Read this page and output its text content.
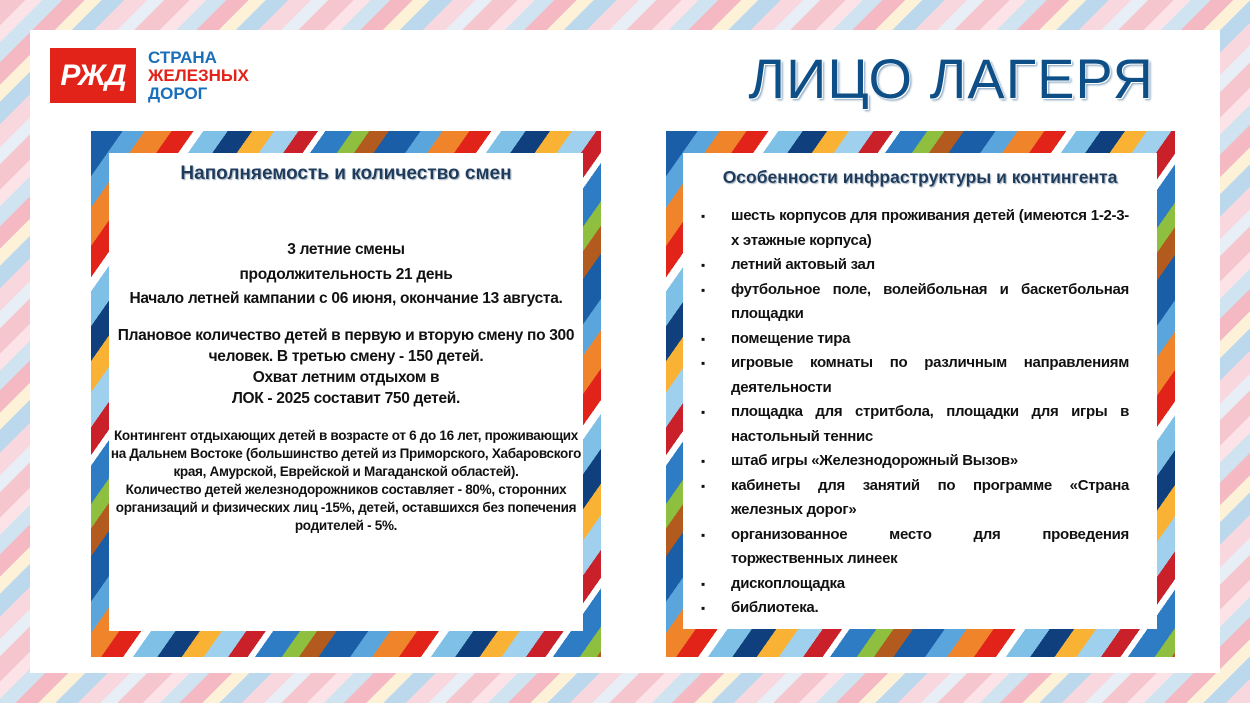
РЖД
СТРАНА
ЖЕЛЕЗНЫХ
ДОРОГ	ЛИЦО ЛАГЕРЯ
Наполняемость и количество смен
3 летние смены
продолжительность 21 день
Начало летней кампании с 06 июня, окончание 13 августа.
Плановое количество детей в первую и вторую смену по 300 человек. В третью смену - 150 детей.
Охват летним отдыхом в
ЛОК - 2025 составит 750 детей.
Контингент отдыхающих детей в возрасте от 6 до 16 лет, проживающих на Дальнем Востоке (большинство детей из Приморского, Хабаровского края, Амурской, Еврейской и Магаданской областей).
Количество детей железнодорожников составляет - 80%, сторонних организаций и физических лиц -15%, детей, оставшихся без попечения родителей - 5%.
Особенности инфраструктуры и контингента
▪ шесть корпусов для проживания детей (имеются 1-2-3-х этажные корпуса)
▪ летний актовый зал
▪ футбольное поле, волейбольная и баскетбольная площадки
▪ помещение тира
▪ игровые комнаты по различным направлениям деятельности
▪ площадка для стритбола, площадки для игры в настольный теннис
▪ штаб игры «Железнодорожный Вызов»
▪ кабинеты для занятий по программе «Страна железных дорог»
▪ организованное место для проведения торжественных линеек
▪ дископлощадка
▪ библиотека.
